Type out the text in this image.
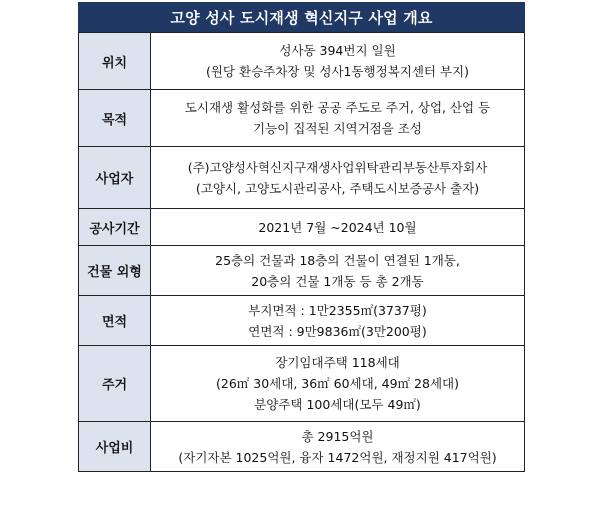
고양 성사 도시재생 혁신지구 사업 개요
위치	성사동 394번지 일원
(원당 환승주차장 및 성사1동행정복지센터 부지)

목적	도시재생 활성화를 위한 공공 주도로 주거, 상업, 산업 등
기능이 집적된 지역거점을 조성

사업자	(주)고양성사혁신지구재생사업위탁관리부동산투자회사
(고양시, 고양도시관리공사, 주택도시보증공사 출자)

공사기간	2021년 7월 ~2024년 10월

건물 외형	25층의 건물과 18층의 건물이 연결된 1개동,
20층의 건물 1개동 등 총 2개동

면적	부지면적 : 1만2355㎡(3737평)
연면적 : 9만9836㎡(3만200평)

주거	장기임대주택 118세대
(26㎡ 30세대, 36㎡ 60세대, 49㎡ 28세대)
분양주택 100세대(모두 49㎡)

사업비	총 2915억원
(자기자본 1025억원, 융자 1472억원, 재정지원 417억원)
